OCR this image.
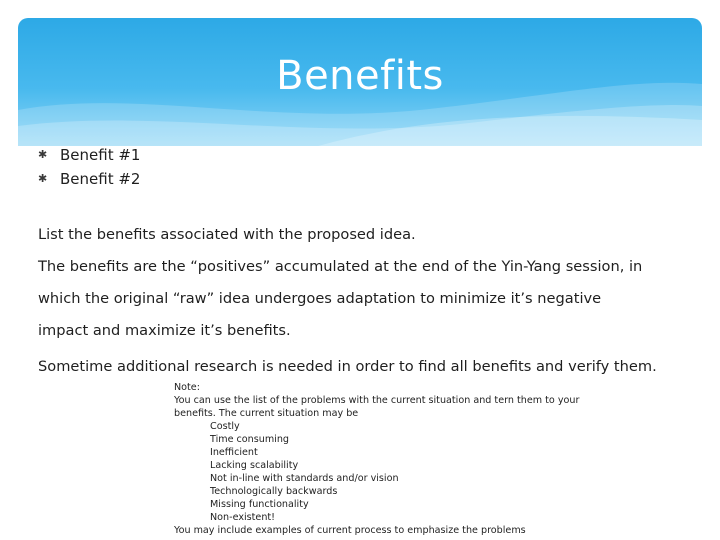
Benefits
✱ Benefit #1
✱ Benefit #2

List the benefits associated with the proposed idea.

The benefits are the “positives” accumulated at the end of the Yin-Yang session, in

which the original “raw” idea undergoes adaptation to minimize it’s negative

impact and maximize it’s benefits.

Sometime additional research is needed in order to find all benefits and verify them.

Note:
You can use the list of the problems with the current situation and tern them to your
benefits. The current situation may be
Costly
Time consuming
Inefficient
Lacking scalability
Not in-line with standards and/or vision
Technologically backwards
Missing functionality
Non-existent!
You may include examples of current process to emphasize the problems
